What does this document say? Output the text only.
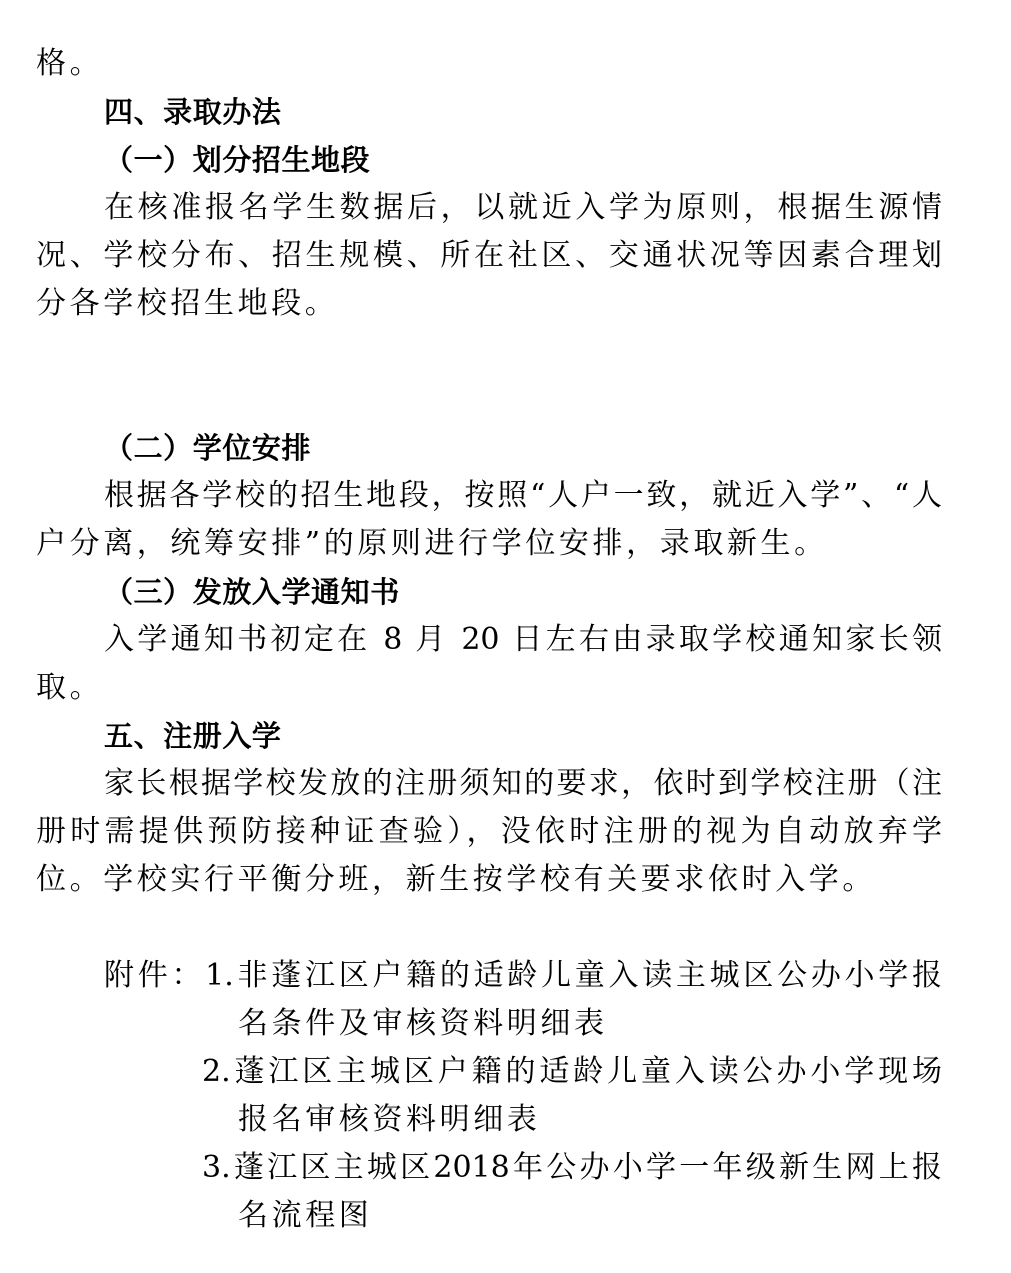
格。
四、录取办法
（一）划分招生地段
在核准报名学生数据后，以就近入学为原则，根据生源情
况、学校分布、招生规模、所在社区、交通状况等因素合理划
分各学校招生地段。
（二）学位安排
根据各学校的招生地段，按照“人户一致，就近入学”、“人
户分离，统筹安排”的原则进行学位安排，录取新生。
（三）发放入学通知书
入学通知书初定在 8 月 20 日左右由录取学校通知家长领
取。
五、注册入学
家长根据学校发放的注册须知的要求，依时到学校注册（注
册时需提供预防接种证查验），没依时注册的视为自动放弃学
位。学校实行平衡分班，新生按学校有关要求依时入学。
附件：1.非蓬江区户籍的适龄儿童入读主城区公办小学报
名条件及审核资料明细表
2.蓬江区主城区户籍的适龄儿童入读公办小学现场
报名审核资料明细表
3.蓬江区主城区2018年公办小学一年级新生网上报
名流程图
